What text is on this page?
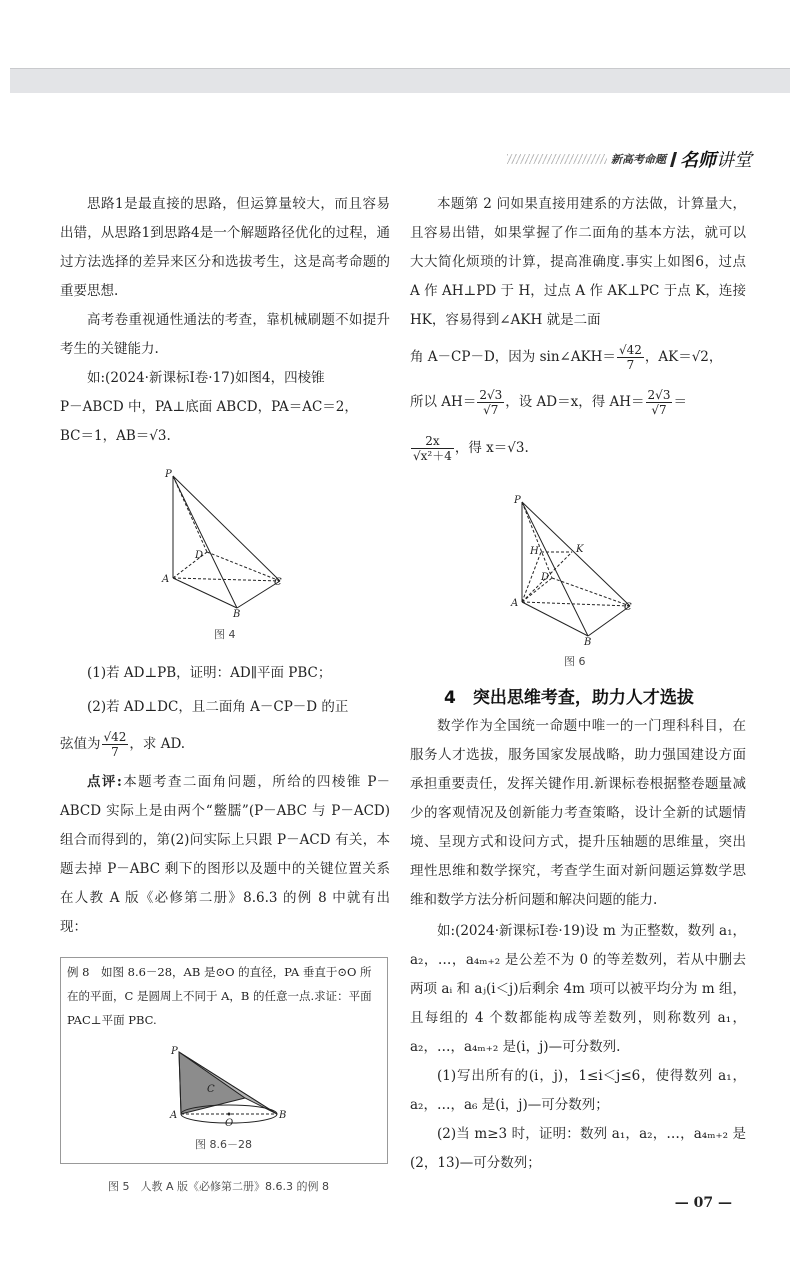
新高考命题 名师讲堂

思路1是最直接的思路，但运算量较大，而且容易出错，从思路1到思路4是一个解题路径优化的过程，通过方法选择的差异来区分和选拔考生，这是高考命题的重要思想.

高考卷重视通性通法的考查，靠机械刷题不如提升考生的关键能力.

如:(2024·新课标Ⅰ卷·17)如图4，四棱锥

P－ABCD 中，PA⊥底面 ABCD，PA＝AC＝2，

BC＝1，AB＝√3.

P
D
A	C
B
图 4

(1)若 AD⊥PB，证明：AD∥平面 PBC；

(2)若 AD⊥DC，且二面角 A－CP－D 的正

弦值为 $\frac{√42}{7}$ ，求 AD.

点评:本题考查二面角问题，所给的四棱锥 P－ABCD 实际上是由两个“鳖臑”(P－ABC 与 P－ACD)组合而得到的，第(2)问实际上只跟 P－ACD 有关，本题去掉 P－ABC 剩下的图形以及题中的关键位置关系在人教 A 版《必修第二册》8.6.3 的例 8 中就有出现：

例 8　如图 8.6－28，AB 是⊙O 的直径，PA 垂直于⊙O 所在的平面，C 是圆周上不同于 A，B 的任意一点.求证：平面 PAC⊥平面 PBC.
P
C
A
O
B
图 8.6－28
图 5　人教 A 版《必修第二册》8.6.3 的例 8

本题第 2 问如果直接用建系的方法做，计算量大，且容易出错，如果掌握了作二面角的基本方法，就可以大大简化烦琐的计算，提高准确度.事实上如图6，过点 A 作 AH⊥PD 于 H，过点 A 作 AK⊥PC 于点 K，连接 HK，容易得到∠AKH 就是二面

角 A－CP－D，因为 sin∠AKH＝ $\frac{√42}{7}$ ，AK＝√2，

所以 $AH= \frac{2√3}{√7}$ ，设 AD＝x，得 $AH= \frac{2√3}{√7}$ ＝

$\frac{2x}{\text{√x²＋4}}$ ，得 x＝√3.

P
H	K
D
A	C
B
图 6
4　突出思维考查，助力人才选拔

数学作为全国统一命题中唯一的一门理科科目，在服务人才选拔，服务国家发展战略，助力强国建设方面承担重要责任，发挥关键作用.新课标卷根据整卷题量减少的客观情况及创新能力考查策略，设计全新的试题情境、呈现方式和设问方式，提升压轴题的思维量，突出理性思维和数学探究，考查学生面对新问题运算数学思维和数学方法分析问题和解决问题的能力.

如:(2024·新课标Ⅰ卷·19)设 m 为正整数，数列 a₁，a₂，…，a₄ₘ₊₂ 是公差不为 0 的等差数列，若从中删去两项 aᵢ 和 aⱼ(i＜j)后剩余 4m 项可以被平均分为 m 组，且每组的 4 个数都能构成等差数列，则称数列 a₁，a₂，…，a₄ₘ₊₂ 是(i，j)—可分数列.

(1)写出所有的(i，j)，1≤i＜j≤6，使得数列 a₁，a₂，…，a₆ 是(i，j)—可分数列；

(2)当 m≥3 时，证明：数列 a₁，a₂，…，a₄ₘ₊₂ 是(2，13)—可分数列；

— 07 —
